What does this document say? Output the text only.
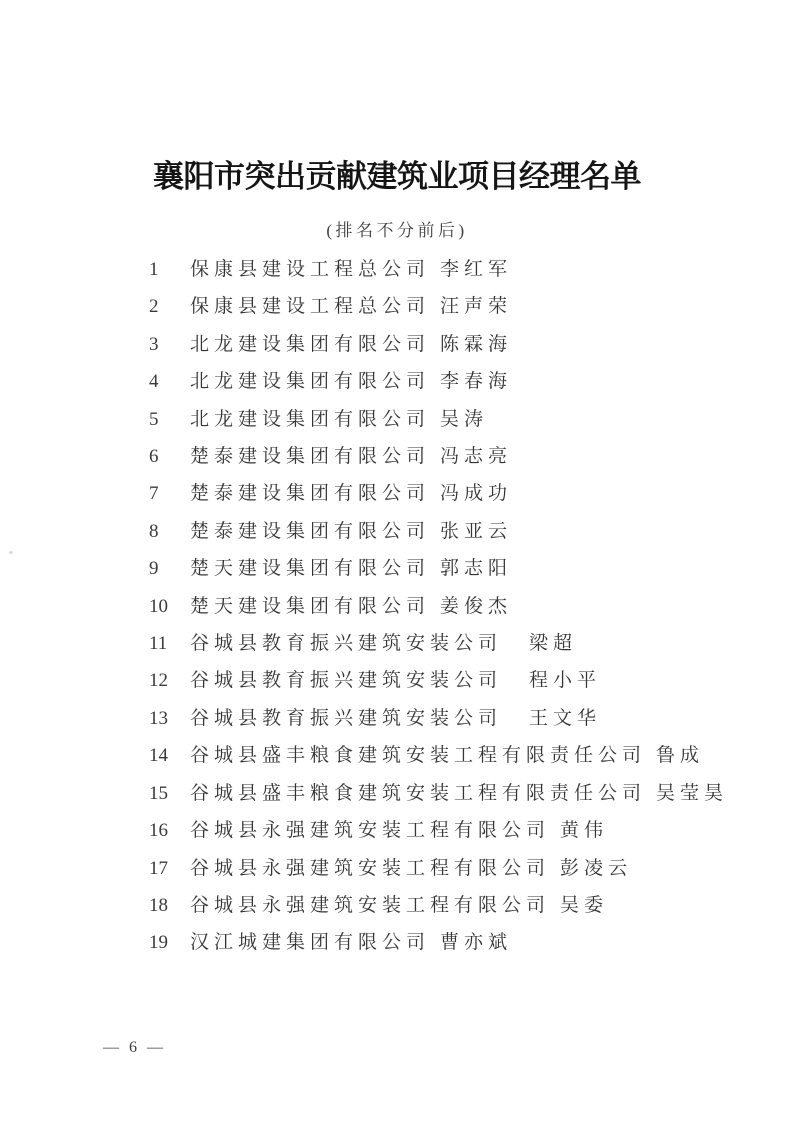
襄阳市突出贡献建筑业项目经理名单
(排名不分前后)
1	保康县建设工程总公司 李红军
2	保康县建设工程总公司 汪声荣
3	北龙建设集团有限公司 陈霖海
4	北龙建设集团有限公司 李春海
5	北龙建设集团有限公司 吴涛
6	楚泰建设集团有限公司 冯志亮
7	楚泰建设集团有限公司 冯成功
8	楚泰建设集团有限公司 张亚云
9	楚天建设集团有限公司 郭志阳
10	楚天建设集团有限公司 姜俊杰
11	谷城县教育振兴建筑安装公司 梁超
12	谷城县教育振兴建筑安装公司 程小平
13	谷城县教育振兴建筑安装公司 王文华
14	谷城县盛丰粮食建筑安装工程有限责任公司 鲁成
15	谷城县盛丰粮食建筑安装工程有限责任公司 吴莹昊
16	谷城县永强建筑安装工程有限公司 黄伟
17	谷城县永强建筑安装工程有限公司 彭凌云
18	谷城县永强建筑安装工程有限公司 吴委
19	汉江城建集团有限公司 曹亦斌
— 6 —
